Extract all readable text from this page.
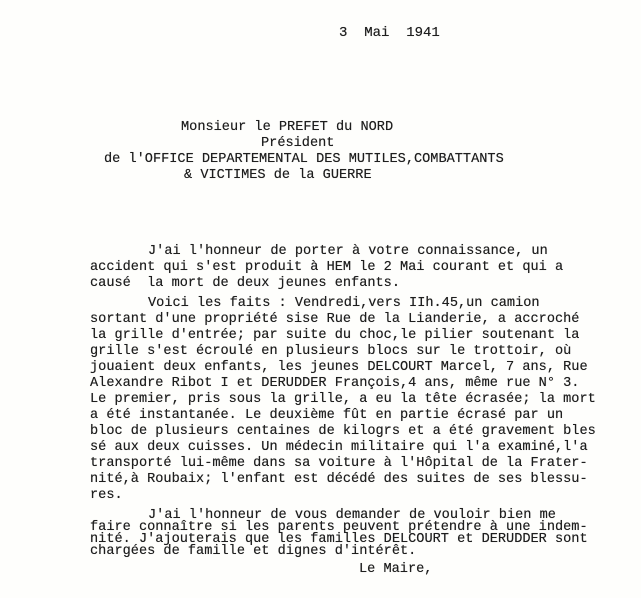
3  Mai  1941
Monsieur le PREFET du NORD
Président
de l'OFFICE DEPARTEMENTAL DES MUTILES,COMBATTANTS
& VICTIMES de la GUERRE
J'ai l'honneur de porter à votre connaissance, un
accident qui s'est produit à HEM le 2 Mai courant et qui a
causé  la mort de deux jeunes enfants.
Voici les faits : Vendredi,vers IIh.45,un camion
sortant d'une propriété sise Rue de la Lianderie, a accroché
la grille d'entrée; par suite du choc,le pilier soutenant la
grille s'est écroulé en plusieurs blocs sur le trottoir, où
jouaient deux enfants, les jeunes DELCOURT Marcel, 7 ans, Rue
Alexandre Ribot I et DERUDDER François,4 ans, même rue N° 3.
Le premier, pris sous la grille, a eu la tête écrasée; la mort
a été instantanée. Le deuxième fût en partie écrasé par un
bloc de plusieurs centaines de kilogrs et a été gravement bles
sé aux deux cuisses. Un médecin militaire qui l'a examiné,l'a
transporté lui-même dans sa voiture à l'Hôpital de la Frater-
nité,à Roubaix; l'enfant est décédé des suites de ses blessu-
res.
J'ai l'honneur de vous demander de vouloir bien me
faire connaître si les parents peuvent prétendre à une indem-
nité. J'ajouterais que les familles DELCOURT et DERUDDER sont
chargées de famille et dignes d'intérêt.
Le Maire,
